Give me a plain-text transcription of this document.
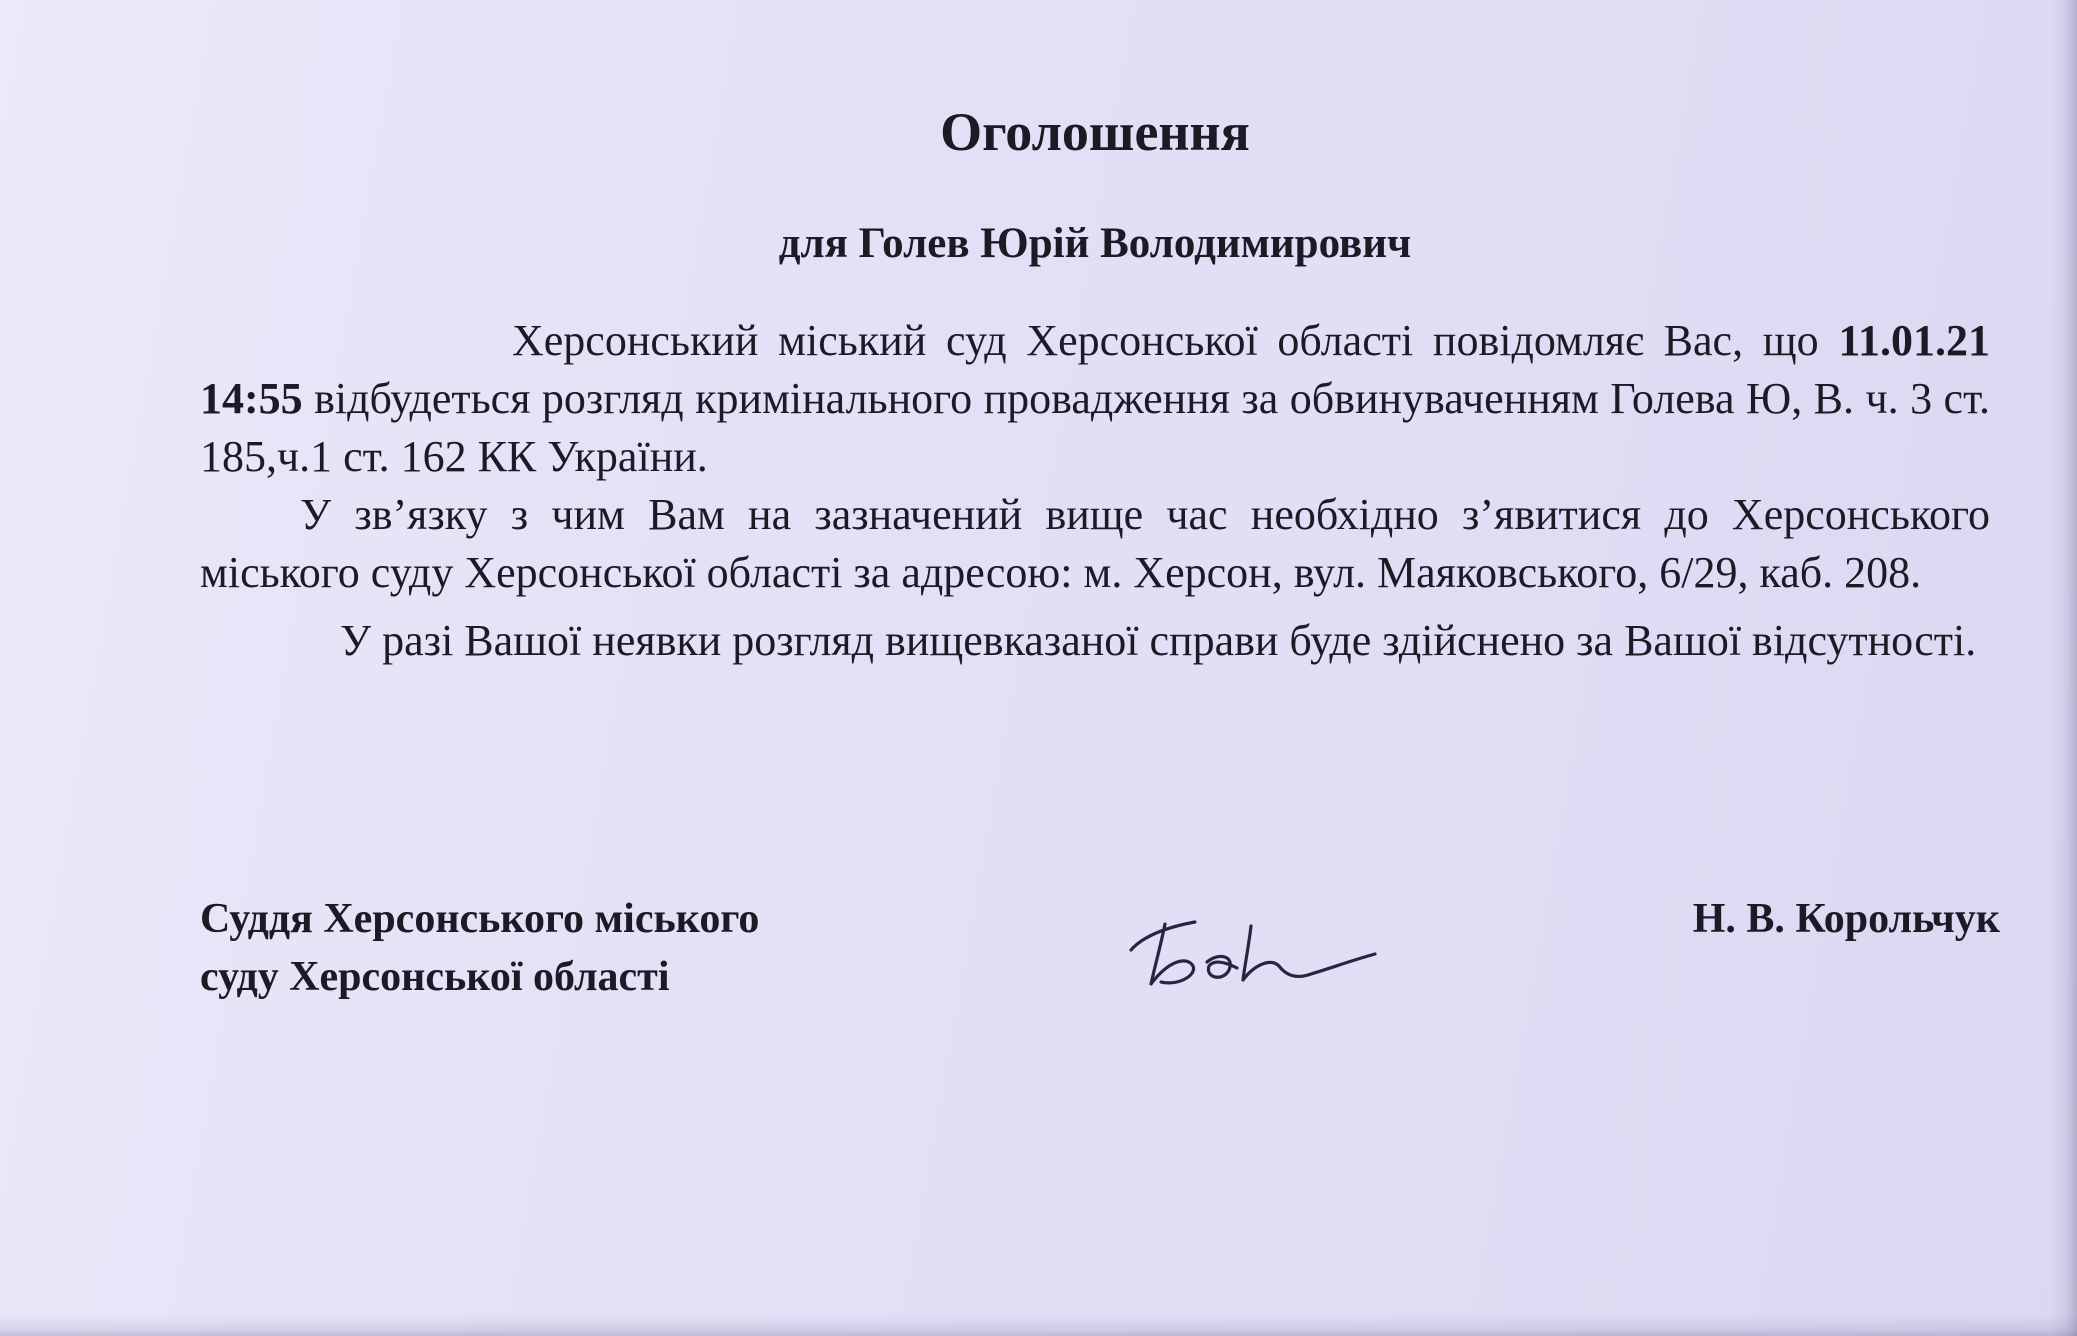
Оголошення
для Голев Юрій Володимирович

Херсонський міський суд Херсонської області повідомляє Вас, що 11.01.21 14:55 відбудеться розгляд кримінального провадження за обвинуваченням Голева Ю, В. ч. 3 ст. 185,ч.1 ст. 162 КК України.

У зв’язку з чим Вам на зазначений вище час необхідно з’явитися до Херсонського міського суду Херсонської області за адресою: м. Херсон, вул. Маяковського, 6/29, каб. 208.

У разі Вашої неявки розгляд вищевказаної справи буде здійснено за Вашої відсутності.

Суддя Херсонського міського
суду Херсонської області
Н. В. Корольчук
